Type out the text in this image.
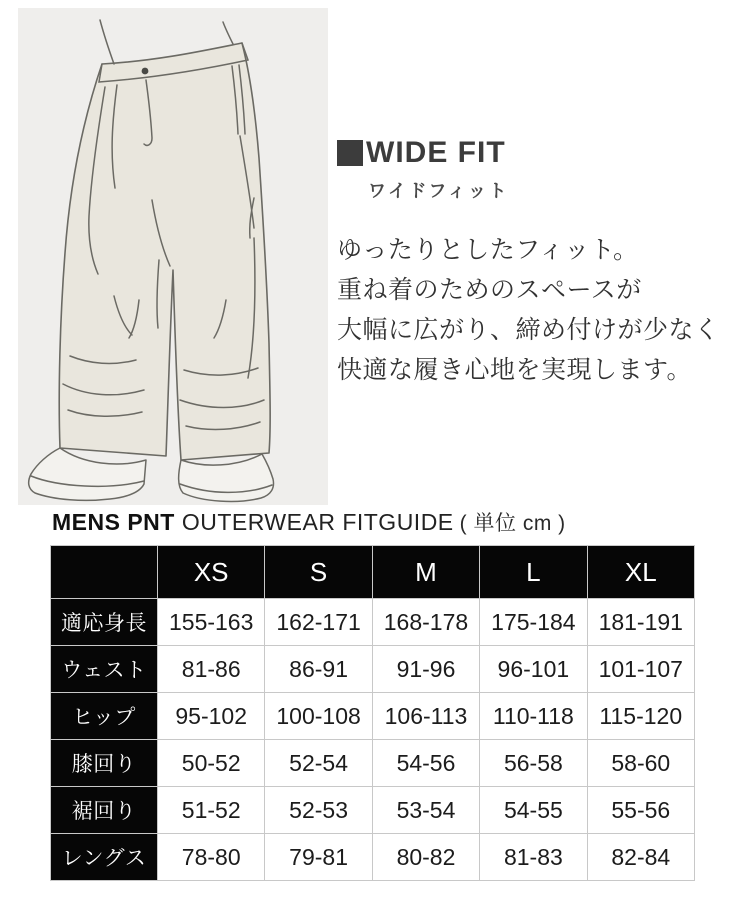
WIDE FIT
ワイドフィット
ゆったりとしたフィット。
重ね着のためのスペースが
大幅に広がり、締め付けが少なく
快適な履き心地を実現します。
MENS PNT OUTERWEAR FITGUIDE ( 単位 cm )
	XS	S	M	L	XL
適応身長	155-163	162-171	168-178	175-184	181-191
ウェスト	81-86	86-91	91-96	96-101	101-107
ヒップ	95-102	100-108	106-113	110-118	115-120
膝回り	50-52	52-54	54-56	56-58	58-60
裾回り	51-52	52-53	53-54	54-55	55-56
レングス	78-80	79-81	80-82	81-83	82-84
